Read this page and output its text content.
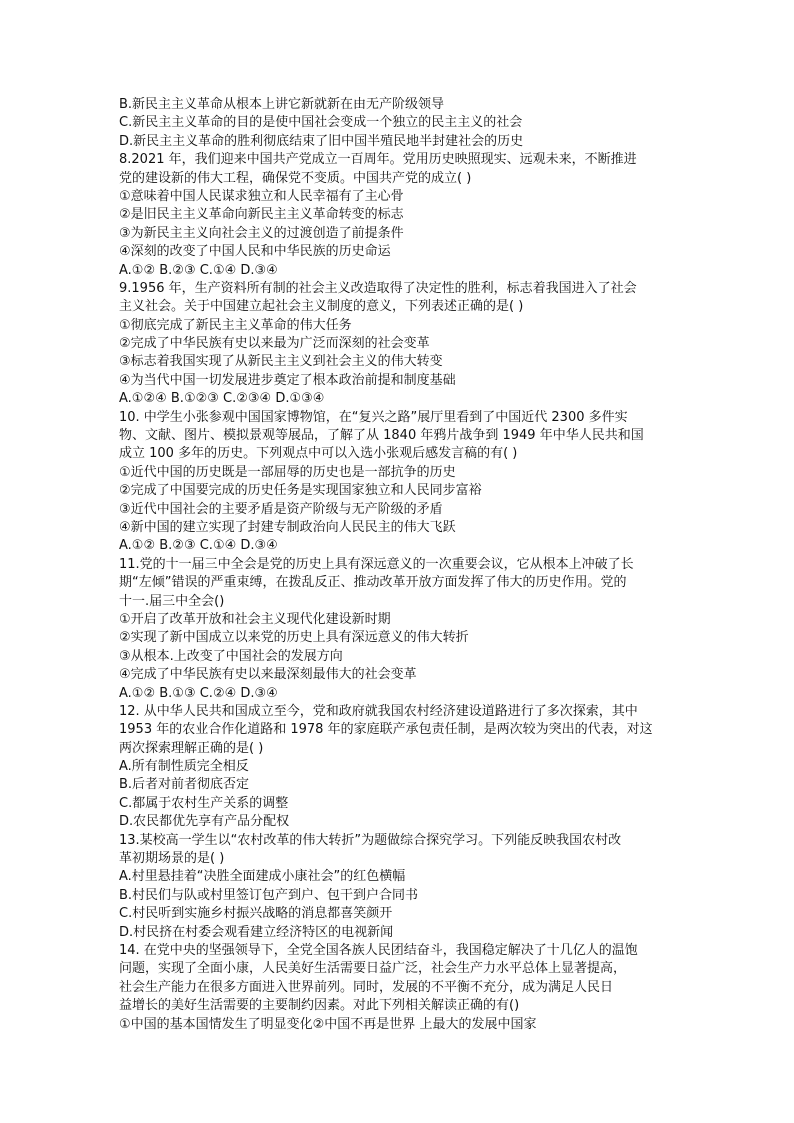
B.新民主主义革命从根本上讲它新就新在由无产阶级领导
C.新民主主义革命的目的是使中国社会变成一个独立的民主主义的社会
D.新民主主义革命的胜利彻底结束了旧中国半殖民地半封建社会的历史
8.2021 年，我们迎来中国共产党成立一百周年。党用历史映照现实、远观未来，不断推进
党的建设新的伟大工程，确保党不变质。中国共产党的成立( )
①意味着中国人民谋求独立和人民幸福有了主心骨
②是旧民主主义革命向新民主主义革命转变的标志
③为新民主主义向社会主义的过渡创造了前提条件
④深刻的改变了中国人民和中华民族的历史命运
A.①② B.②③ C.①④ D.③④
9.1956 年，生产资料所有制的社会主义改造取得了决定性的胜利，标志着我国进入了社会
主义社会。关于中国建立起社会主义制度的意义，下列表述正确的是( )
①彻底完成了新民主主义革命的伟大任务
②完成了中华民族有史以来最为广泛而深刻的社会变革
③标志着我国实现了从新民主主义到社会主义的伟大转变
④为当代中国一切发展进步奠定了根本政治前提和制度基础
A.①②④ B.①②③ C.②③④ D.①③④
10. 中学生小张参观中国国家博物馆，在“复兴之路”展厅里看到了中国近代 2300 多件实
物、文献、图片、模拟景观等展品，了解了从 1840 年鸦片战争到 1949 年中华人民共和国
成立 100 多年的历史。下列观点中可以入选小张观后感发言稿的有( )
①近代中国的历史既是一部屈辱的历史也是一部抗争的历史
②完成了中国要完成的历史任务是实现国家独立和人民同步富裕
③近代中国社会的主要矛盾是资产阶级与无产阶级的矛盾
④新中国的建立实现了封建专制政治向人民民主的伟大飞跃
A.①② B.②③ C.①④ D.③④
11.党的十一届三中全会是党的历史上具有深远意义的一次重要会议，它从根本上冲破了长
期“左倾”错误的严重束缚，在拨乱反正、推动改革开放方面发挥了伟大的历史作用。党的
十一.届三中全会()
①开启了改革开放和社会主义现代化建设新时期
②实现了新中国成立以来党的历史上具有深远意义的伟大转折
③从根本.上改变了中国社会的发展方向
④完成了中华民族有史以来最深刻最伟大的社会变革
A.①② B.①③ C.②④ D.③④
12. 从中华人民共和国成立至今，党和政府就我国农村经济建设道路进行了多次探索，其中
1953 年的农业合作化道路和 1978 年的家庭联产承包责任制，是两次较为突出的代表，对这
两次探索理解正确的是( )
A.所有制性质完全相反
B.后者对前者彻底否定
C.都属于农村生产关系的调整
D.农民都优先享有产品分配权
13.某校高一学生以“农村改革的伟大转折”为题做综合探究学习。下列能反映我国农村改
革初期场景的是( )
A.村里悬挂着“决胜全面建成小康社会”的红色横幅
B.村民们与队或村里签订包产到户、包干到户合同书
C.村民听到实施乡村振兴战略的消息都喜笑颜开
D.村民挤在村委会观看建立经济特区的电视新闻
14. 在党中央的坚强领导下，全党全国各族人民团结奋斗，我国稳定解决了十几亿人的温饱
问题，实现了全面小康，人民美好生活需要日益广泛，社会生产力水平总体上显著提高，
社会生产能力在很多方面进入世界前列。同时，发展的不平衡不充分，成为满足人民日
益增长的美好生活需要的主要制约因素。对此下列相关解读正确的有()
①中国的基本国情发生了明显变化②中国不再是世界 上最大的发展中国家
